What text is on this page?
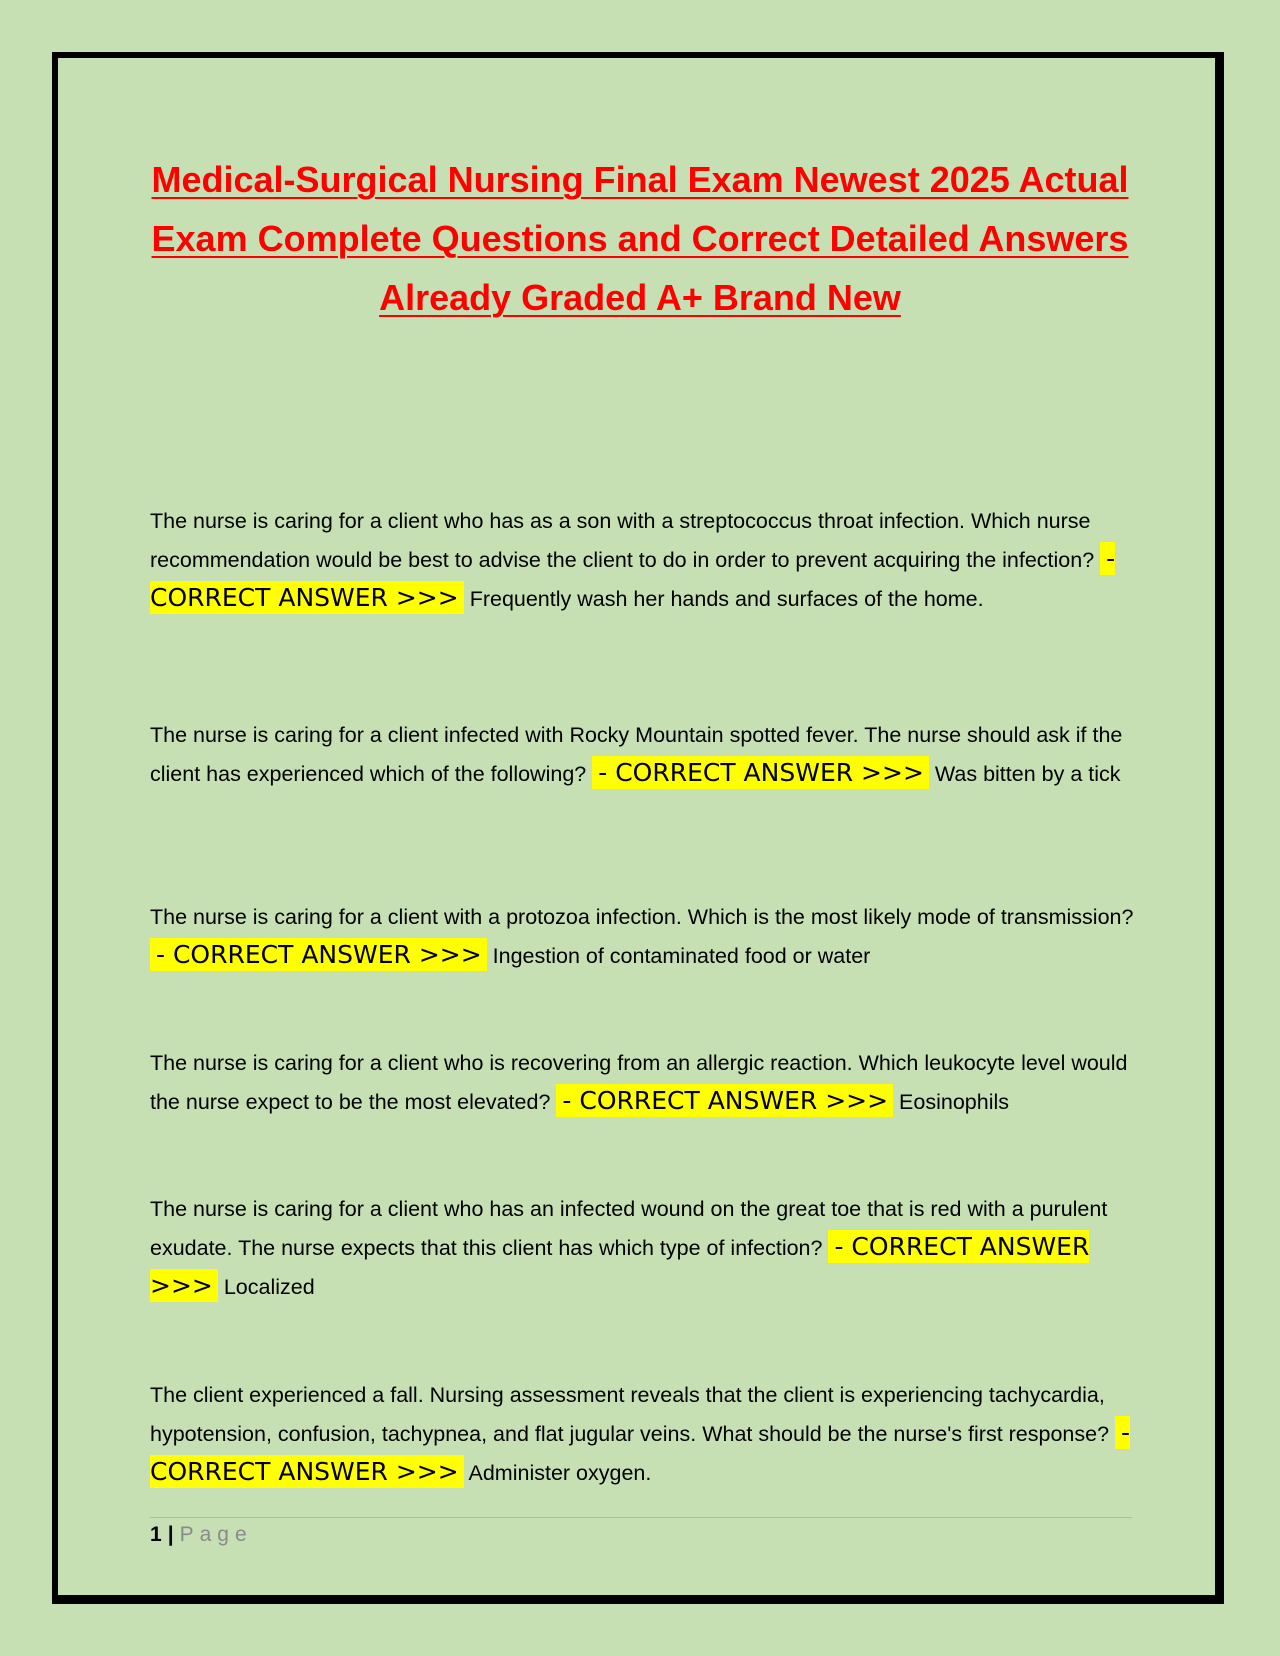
Medical-Surgical Nursing Final Exam Newest 2025 Actual Exam Complete Questions and Correct Detailed Answers Already Graded A+ Brand New

The nurse is caring for a client who has as a son with a streptococcus throat infection. Which nurse recommendation would be best to advise the client to do in order to prevent acquiring the infection? - CORRECT ANSWER >>> Frequently wash her hands and surfaces of the home.

The nurse is caring for a client infected with Rocky Mountain spotted fever. The nurse should ask if the client has experienced which of the following? - CORRECT ANSWER >>> Was bitten by a tick

The nurse is caring for a client with a protozoa infection. Which is the most likely mode of transmission? - CORRECT ANSWER >>> Ingestion of contaminated food or water

The nurse is caring for a client who is recovering from an allergic reaction. Which leukocyte level would the nurse expect to be the most elevated? - CORRECT ANSWER >>> Eosinophils

The nurse is caring for a client who has an infected wound on the great toe that is red with a purulent exudate. The nurse expects that this client has which type of infection? - CORRECT ANSWER >>> Localized

The client experienced a fall. Nursing assessment reveals that the client is experiencing tachycardia, hypotension, confusion, tachypnea, and flat jugular veins. What should be the nurse's first response? - CORRECT ANSWER >>> Administer oxygen.

1 | Page
